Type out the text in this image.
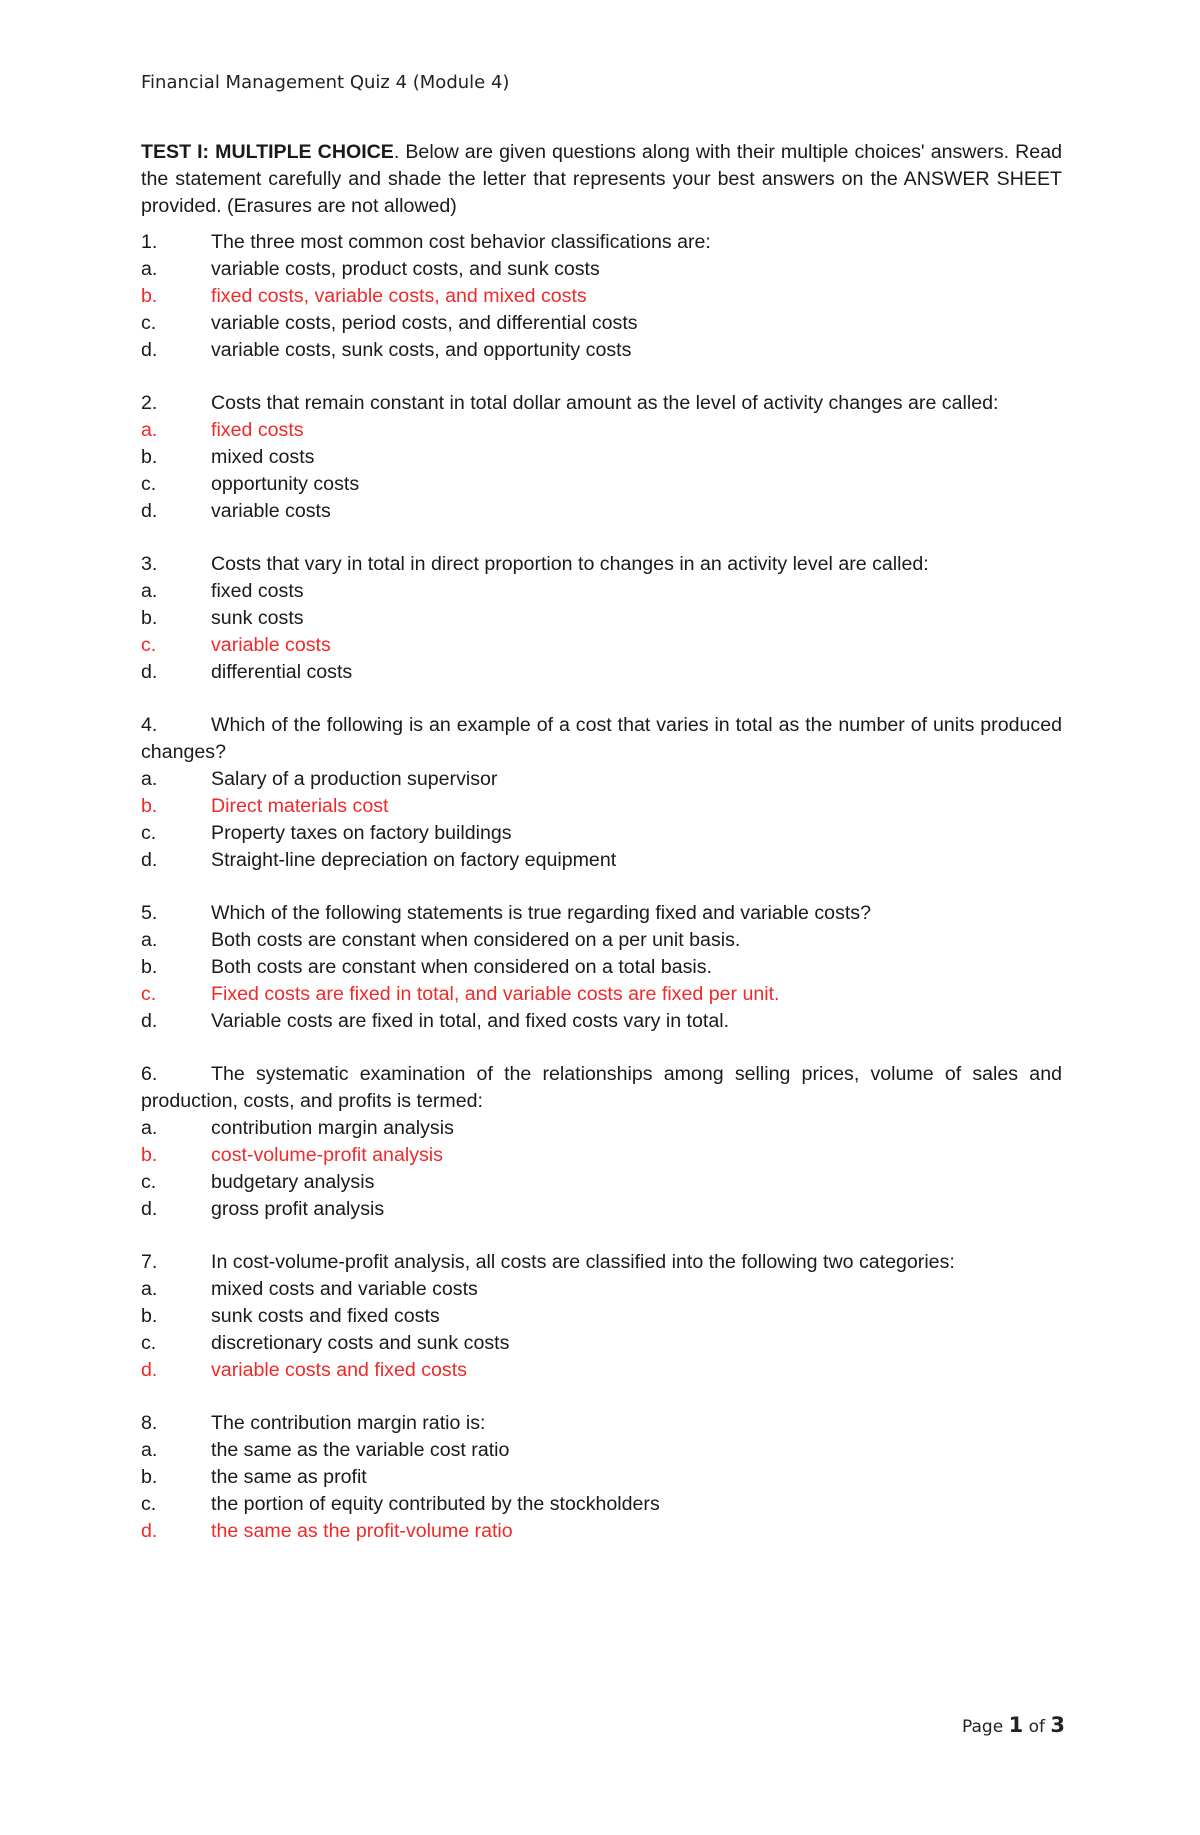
Financial Management Quiz 4 (Module 4)

TEST I: MULTIPLE CHOICE. Below are given questions along with their multiple choices' answers. Read the statement carefully and shade the letter that represents your best answers on the ANSWER SHEET provided. (Erasures are not allowed)

1.	The three most common cost behavior classifications are:
a.	variable costs, product costs, and sunk costs
b.	fixed costs, variable costs, and mixed costs
c.	variable costs, period costs, and differential costs
d.	variable costs, sunk costs, and opportunity costs
2.	Costs that remain constant in total dollar amount as the level of activity changes are called:
a.	fixed costs
b.	mixed costs
c.	opportunity costs
d.	variable costs
3.	Costs that vary in total in direct proportion to changes in an activity level are called:
a.	fixed costs
b.	sunk costs
c.	variable costs
d.	differential costs
4.	Which of the following is an example of a cost that varies in total as the number of units produced changes?
a.	Salary of a production supervisor
b.	Direct materials cost
c.	Property taxes on factory buildings
d.	Straight-line depreciation on factory equipment
5.	Which of the following statements is true regarding fixed and variable costs?
a.	Both costs are constant when considered on a per unit basis.
b.	Both costs are constant when considered on a total basis.
c.	Fixed costs are fixed in total, and variable costs are fixed per unit.
d.	Variable costs are fixed in total, and fixed costs vary in total.
6.	The systematic examination of the relationships among selling prices, volume of sales and production, costs, and profits is termed:
a.	contribution margin analysis
b.	cost-volume-profit analysis
c.	budgetary analysis
d.	gross profit analysis
7.	In cost-volume-profit analysis, all costs are classified into the following two categories:
a.	mixed costs and variable costs
b.	sunk costs and fixed costs
c.	discretionary costs and sunk costs
d.	variable costs and fixed costs
8.	The contribution margin ratio is:
a.	the same as the variable cost ratio
b.	the same as profit
c.	the portion of equity contributed by the stockholders
d.	the same as the profit-volume ratio
Page 1 of 3
